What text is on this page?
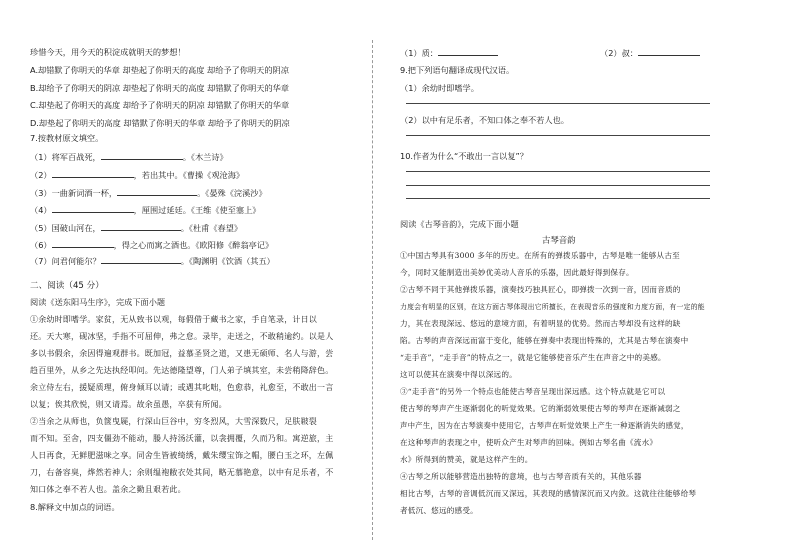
珍惜今天，用今天的积淀成就明天的梦想！
A.却错默了你明天的华章 却垫起了你明天的高度 却给予了你明天的阴凉
B.却给予了你明天的阴凉 却垫起了你明天的高度 却错默了你明天的华章
C.却垫起了你明天的高度 却给予了你明天的阴凉 却错默了你明天的华章
D.却垫起了你明天的高度 却错默了你明天的华章 却给予了你明天的阴凉
7.按教材原文填空。
（1）将军百战死，	。《木兰诗》
（2）	，若出其中。《曹操《观沧海》
（3）一曲新词酒一杯，	。《晏殊《浣溪沙》
（4）	，厘围过延廷。《王维《使至塞上》
（5）国破山河在，	。《杜甫《春望》
（6）	，得之心而寓之酒也。《欧阳修《醉翁亭记》
（7）问君何能尔？	。《陶渊明《饮酒（其五）
二、阅读（45 分）
阅读《送东阳马生序》，完成下面小题
①余幼时即嗜学。家贫，无从致书以观，每假借于藏书之家，手自笔录，计日以
还。天大寒，砚冰坚，手指不可屈伸，弗之怠。录毕，走送之，不敢稍逾约。以是人
多以书假余，余因得遍观群书。既加冠，益慕圣贤之道，又患无硕师、名人与游，尝
趋百里外，从乡之先达执经叩问。先达德隆望尊，门人弟子填其室，未尝稍降辞色。
余立侍左右，援疑质理，俯身倾耳以请；或遇其叱咄，色愈恭，礼愈至，不敢出一言
以复；俟其欣悦，则又请焉。故余虽愚，卒获有所闻。
②当余之从师也，负箧曳屣，行深山巨谷中，穷冬烈风，大雪深数尺，足肤皲裂
而不知。至舍，四支僵劲不能动，媵人持汤沃灌，以衾拥覆，久而乃和。寓逆旅，主
人日再食，无鲜肥滋味之享。同舍生皆被绮绣，戴朱缨宝饰之帽，腰白玉之环，左佩
刀，右备容臭，烨然若神人；余则缊袍敝衣处其间，略无慕艳意，以中有足乐者，不
知口体之奉不若人也。盖余之勤且艰若此。
8.解释文中加点的词语。
（1）质：	（2）叔：
9.把下列语句翻译成现代汉语。
（1）余幼时即嗜学。
（2）以中有足乐者，不知口体之奉不若人也。
10.作者为什么“不敢出一言以复”？
阅读《古琴音韵》，完成下面小题
古琴音韵
①中国古琴具有3000 多年的历史。在所有的弹拨乐器中，古琴是唯一能够从古至
今，同时又能制造出美妙优美动人音乐的乐器，因此最好得到保存。
②古琴不同于其他弹拨乐器，演奏技巧独具匠心，即弹拨一次到一音，因而音质的
力度会有明显的区别，在这方面古琴体现出它所擅长，在表现音乐的强度和力度方面，有一定的能
力，其在表现深远、悠远的意境方面，有着明显的优势。然而古琴却没有这样的缺
陷。古琴的声音深远而富于变化，能够在弹奏中表现出特殊的，尤其是古琴在演奏中
“走手音”，“走手音”的特点之一，就是它能够使音乐产生在声音之中的美感。
这可以使其在演奏中得以深远的。
③“走手音”的另外一个特点也能使古琴音呈现出深远感。这个特点就是它可以
使古琴的琴声产生逐渐弱化的听觉效果。它的渐弱效果使古琴的琴声在逐渐减弱之
声中产生，因为在古琴演奏中使用它，古琴声在听觉效果上产生一种逐渐消失的感觉，
在这种琴声的表现之中，使听众产生对琴声的回味。例如古琴名曲《流水》
水》所得到的赞美，就是这样产生的。
④古琴之所以能够营造出独特的意境，也与古琴音质有关的，其他乐器
相比古琴，古琴的音调低沉而又深远，其表现的感情深沉而又内敛。这就往往能够给琴
者低沉、悠远的感受。
